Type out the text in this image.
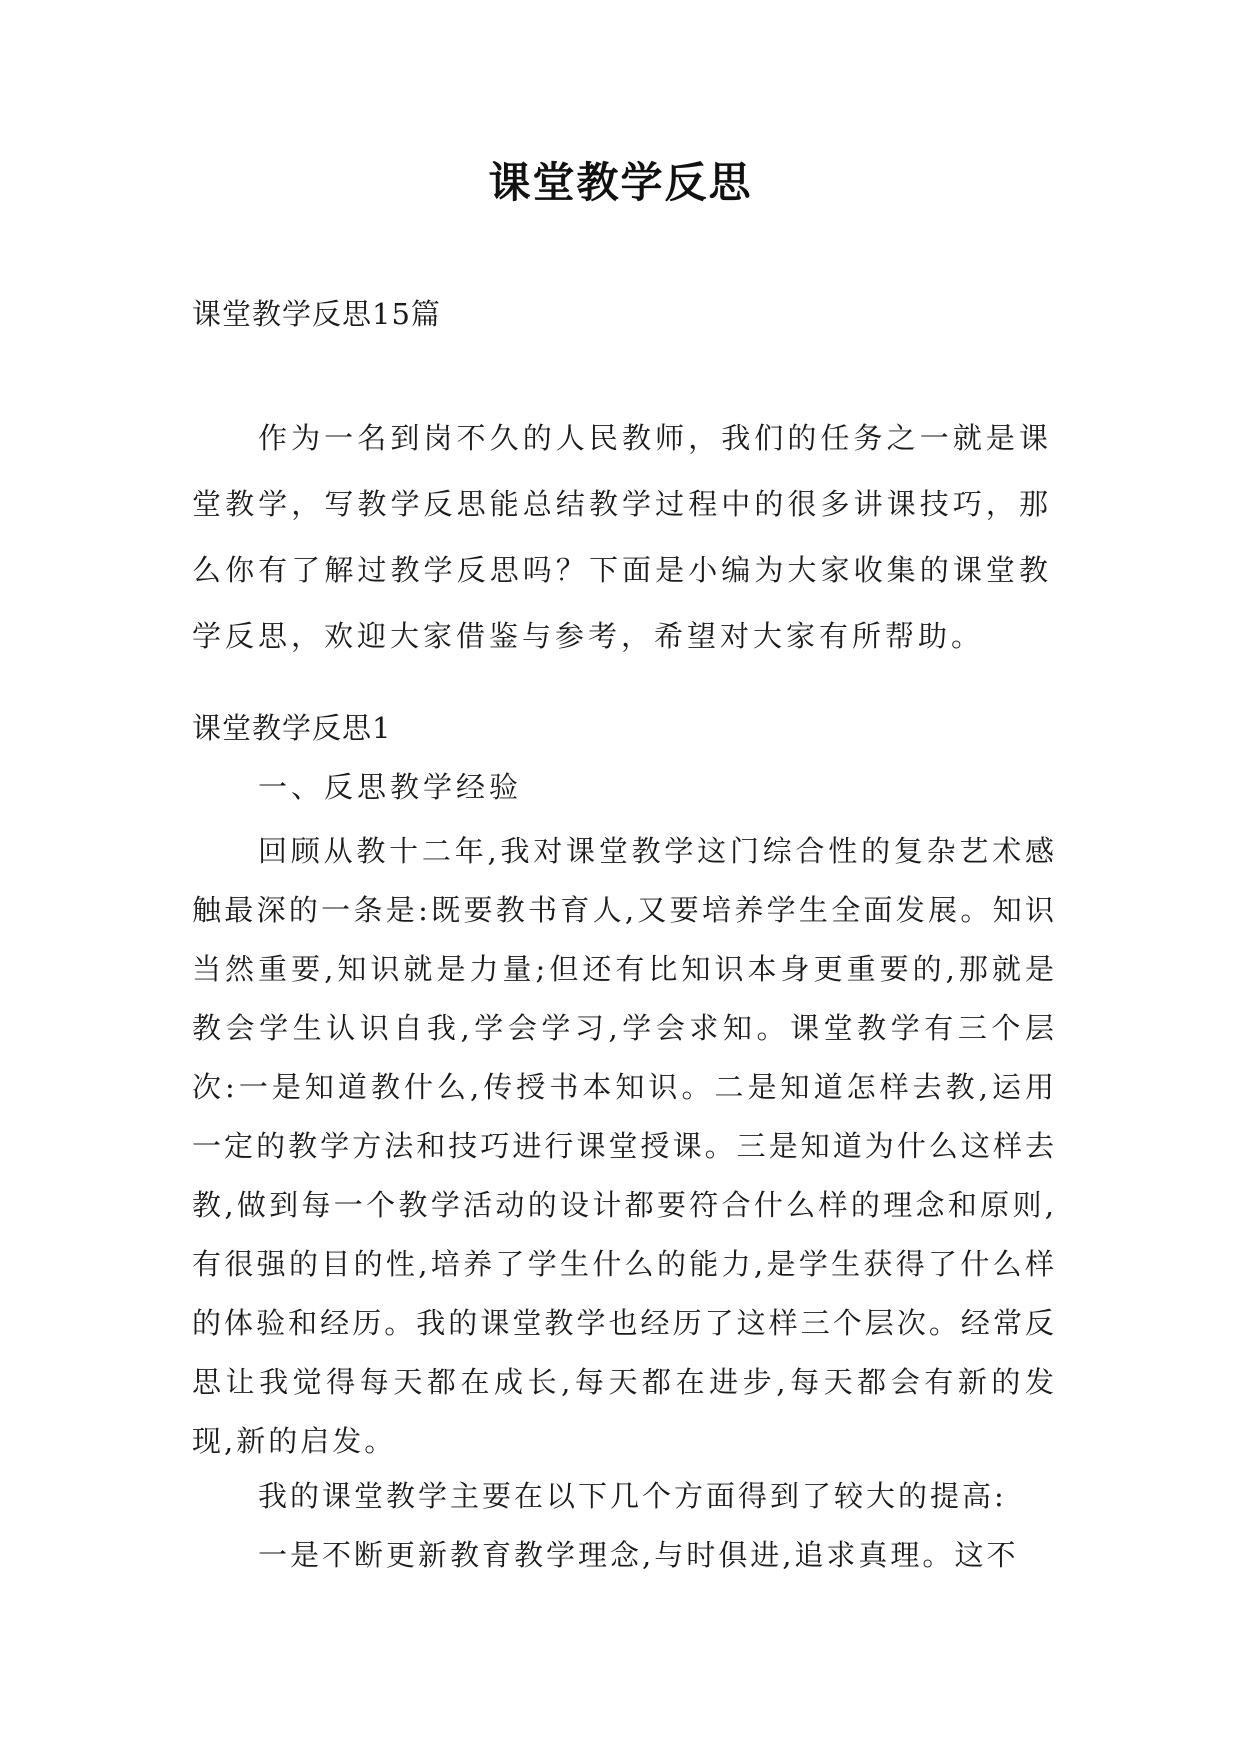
课堂教学反思
课堂教学反思15篇
作为一名到岗不久的人民教师，我们的任务之一就是课堂教学，写教学反思能总结教学过程中的很多讲课技巧，那么你有了解过教学反思吗？下面是小编为大家收集的课堂教学反思，欢迎大家借鉴与参考，希望对大家有所帮助。
课堂教学反思1
一、反思教学经验
回顾从教十二年,我对课堂教学这门综合性的复杂艺术感触最深的一条是:既要教书育人,又要培养学生全面发展。知识当然重要,知识就是力量;但还有比知识本身更重要的,那就是教会学生认识自我,学会学习,学会求知。课堂教学有三个层次:一是知道教什么,传授书本知识。二是知道怎样去教,运用一定的教学方法和技巧进行课堂授课。三是知道为什么这样去教,做到每一个教学活动的设计都要符合什么样的理念和原则,有很强的目的性,培养了学生什么的能力,是学生获得了什么样的体验和经历。我的课堂教学也经历了这样三个层次。经常反思让我觉得每天都在成长,每天都在进步,每天都会有新的发现,新的启发。
我的课堂教学主要在以下几个方面得到了较大的提高:
一是不断更新教育教学理念,与时俱进,追求真理。这不
